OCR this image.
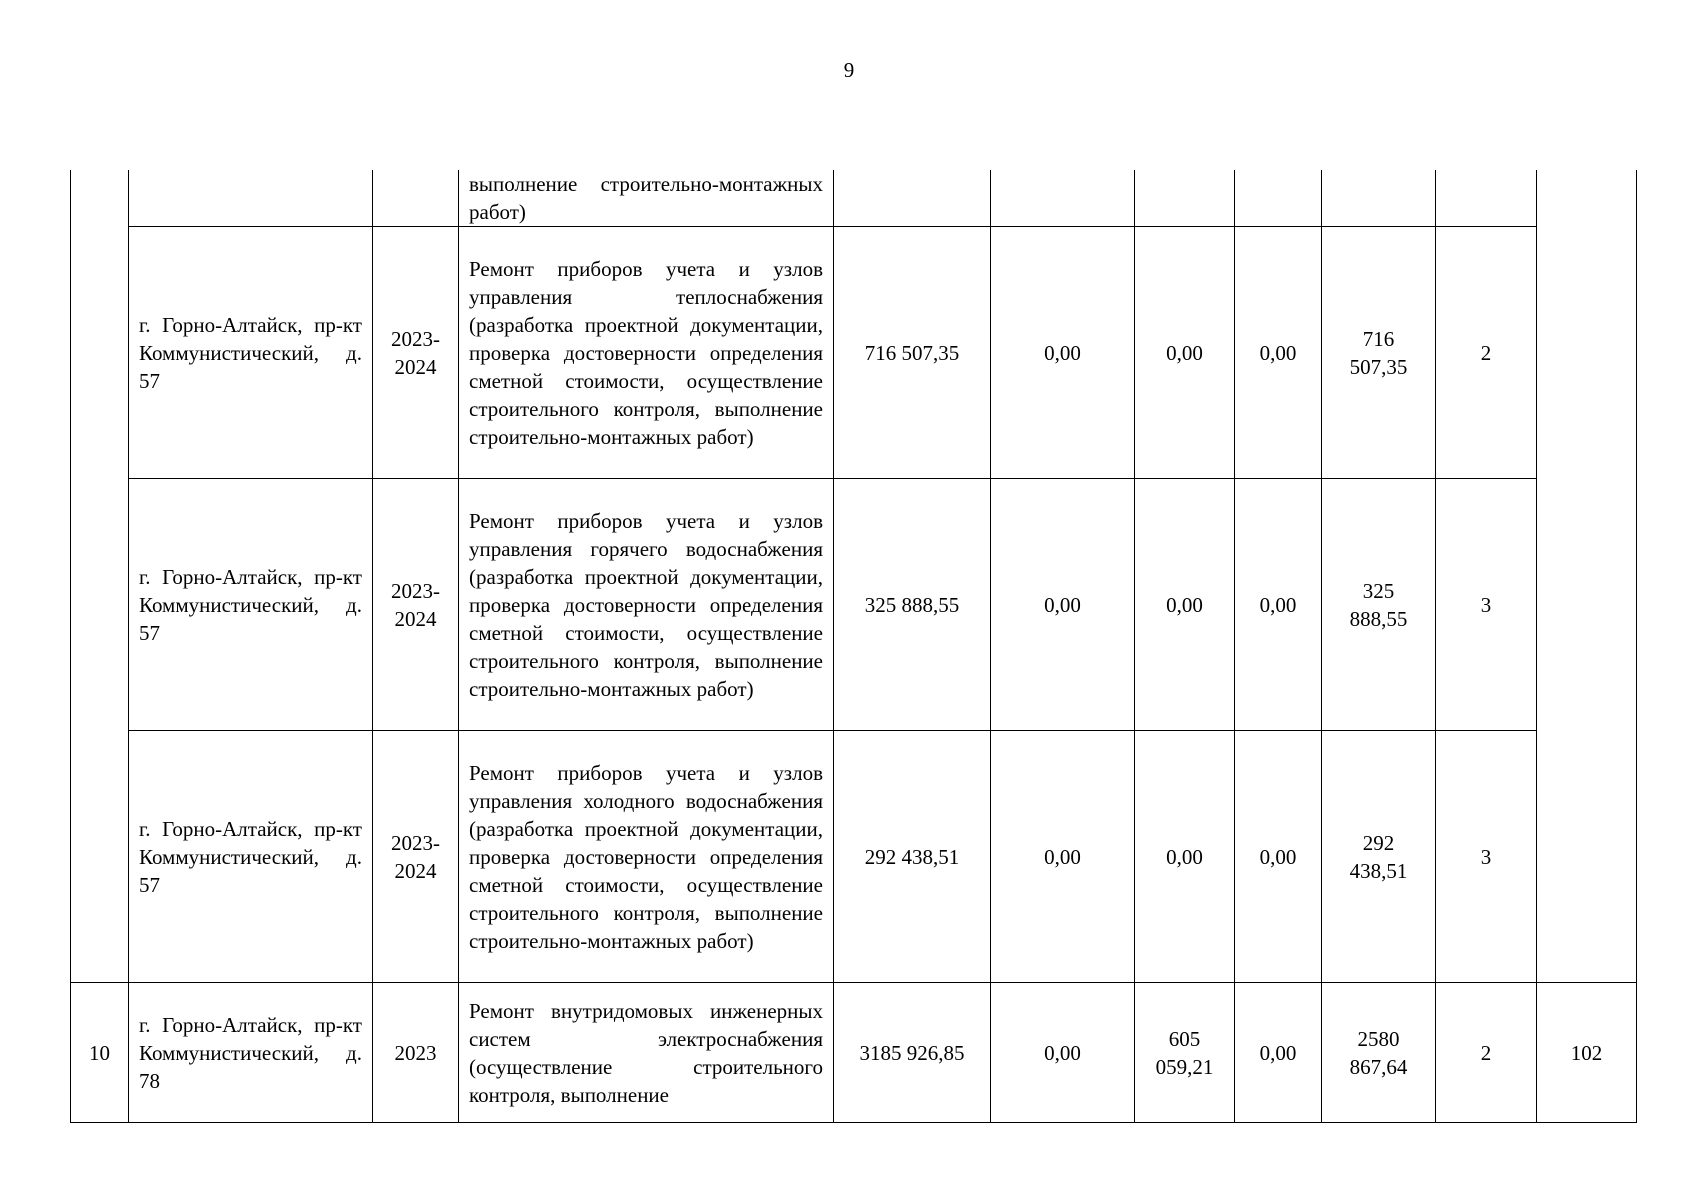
9
			выполнение строительно-монтажных работ)							
	г. Горно-Алтайск, пр-кт Коммунистический, д. 57	2023-2024	Ремонт приборов учета и узлов управления теплоснабжения (разработка проектной документации, проверка достоверности определения сметной стоимости, осуществление строительного контроля, выполнение строительно-монтажных работ)	716 507,35	0,00	0,00	0,00	716 507,35	2	
	г. Горно-Алтайск, пр-кт Коммунистический, д. 57	2023-2024	Ремонт приборов учета и узлов управления горячего водоснабжения (разработка проектной документации, проверка достоверности определения сметной стоимости, осуществление строительного контроля, выполнение строительно-монтажных работ)	325 888,55	0,00	0,00	0,00	325 888,55	3	
	г. Горно-Алтайск, пр-кт Коммунистический, д. 57	2023-2024	Ремонт приборов учета и узлов управления холодного водоснабжения (разработка проектной документации, проверка достоверности определения сметной стоимости, осуществление строительного контроля, выполнение строительно-монтажных работ)	292 438,51	0,00	0,00	0,00	292 438,51	3	
10	г. Горно-Алтайск, пр-кт Коммунистический, д. 78	2023	Ремонт внутридомовых инженерных систем электроснабжения (осуществление строительного контроля, выполнение	3185 926,85	0,00	605 059,21	0,00	2580 867,64	2	102
